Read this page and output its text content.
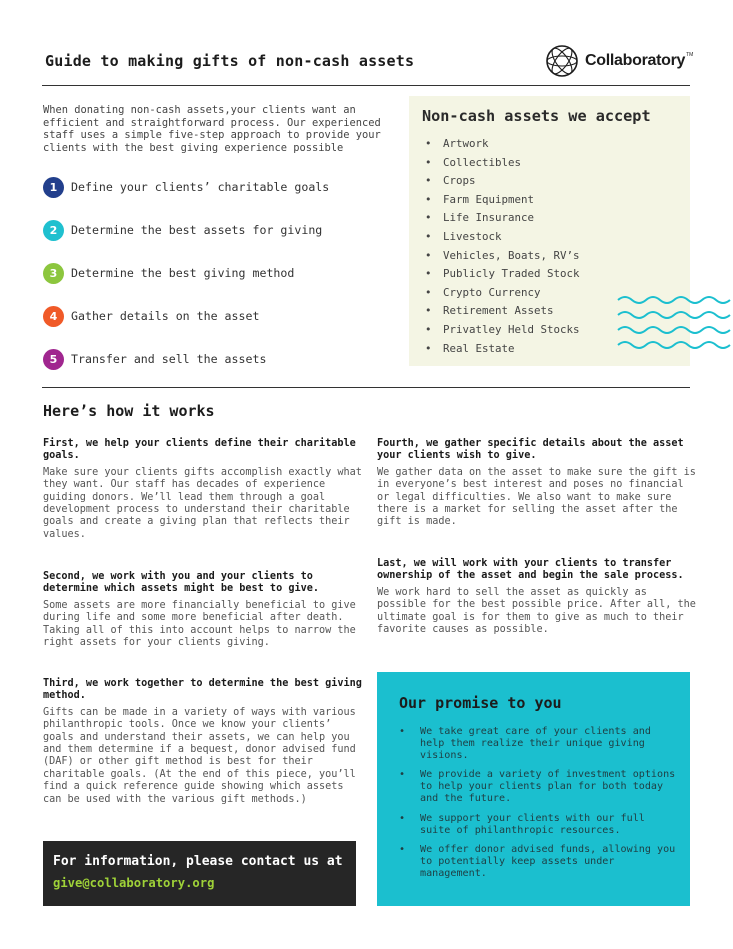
Guide to making gifts of non-cash assets	Collaboratory TM
When donating non-cash assets,your clients want an efficient and straightforward process. Our experienced staff uses a simple five-step approach to provide your clients with the best giving experience possible
1	Define your clients’ charitable goals
2	Determine the best assets for giving
3	Determine the best giving method
4	Gather details on the asset
5	Transfer and sell the assets
Non-cash assets we accept
•	Artwork
•	Collectibles
•	Crops
•	Farm Equipment
•	Life Insurance
•	Livestock
•	Vehicles, Boats, RV’s
•	Publicly Traded Stock
•	Crypto Currency
•	Retirement Assets
•	Privatley Held Stocks
•	Real Estate
Here’s how it works
First, we help your clients define their charitable goals.

Make sure your clients gifts accomplish exactly what they want. Our staff has decades of experience guiding donors. We’ll lead them through a goal development process to understand their charitable goals and create a giving plan that reflects their values.

Second, we work with you and your clients to determine which assets might be best to give.

Some assets are more financially beneficial to give during life and some more beneficial after death. Taking all of this into account helps to narrow the right assets for your clients giving.

Third, we work together to determine the best giving method.

Gifts can be made in a variety of ways with various philanthropic tools. Once we know your clients’ goals and understand their assets, we can help you and them determine if a bequest, donor advised fund (DAF) or other gift method is best for their charitable goals. (At the end of this piece, you’ll find a quick reference guide showing which assets can be used with the various gift methods.)

Fourth, we gather specific details about the asset your clients wish to give.

We gather data on the asset to make sure the gift is in everyone’s best interest and poses no financial or legal difficulties. We also want to make sure there is a market for selling the asset after the gift is made.

Last, we will work with your clients to transfer ownership of the asset and begin the sale process.

We work hard to sell the asset as quickly as possible for the best possible price. After all, the ultimate goal is for them to give as much to their favorite causes as possible.

For information, please contact us at
give@collaboratory.org
Our promise to you
•	We take great care of your clients and help them realize their unique giving visions.
•	We provide a variety of investment options to help your clients plan for both today and the future.
•	We support your clients with our full suite of philanthropic resources.
•	We offer donor advised funds, allowing you to potentially keep assets under management.
